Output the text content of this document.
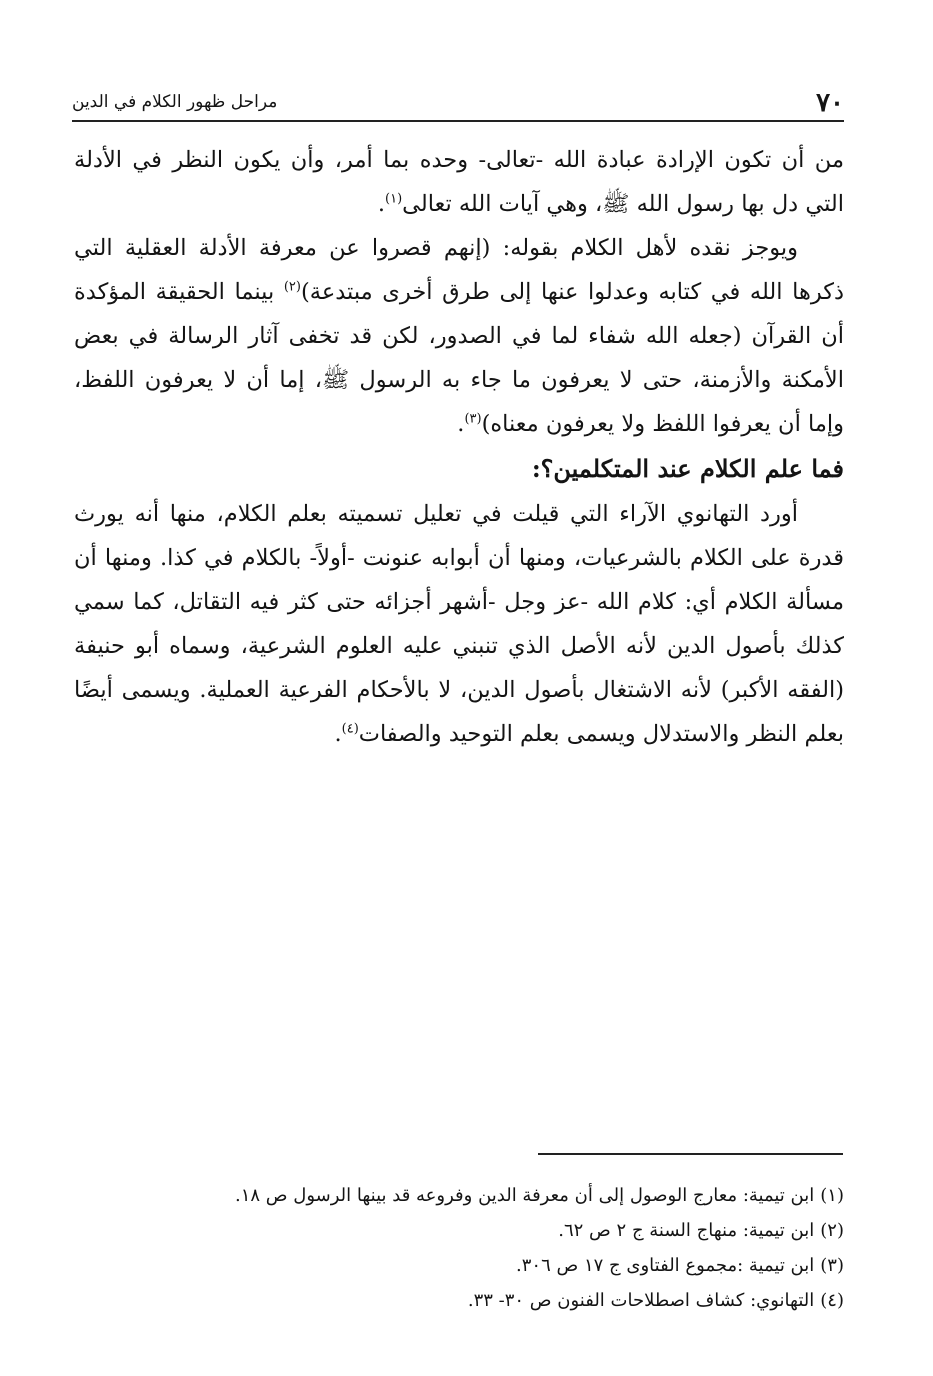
٧٠
مراحل ظهور الكلام في الدين

من أن تكون الإرادة عبادة الله -تعالى- وحده بما أمر، وأن يكون النظر في الأدلة التي دل بها رسول الله ﷺ، وهي آيات الله تعالى$^{(١)}$.

ويوجز نقده لأهل الكلام بقوله: (إنهم قصروا عن معرفة الأدلة العقلية التي ذكرها الله في كتابه وعدلوا عنها إلى طرق أخرى مبتدعة)$^{(٢)}$ بينما الحقيقة المؤكدة أن القرآن (جعله الله شفاء لما في الصدور، لكن قد تخفى آثار الرسالة في بعض الأمكنة والأزمنة، حتى لا يعرفون ما جاء به الرسول ﷺ، إما أن لا يعرفون اللفظ، وإما أن يعرفوا اللفظ ولا يعرفون معناه)$^{(٣)}$.

فما علم الكلام عند المتكلمين؟:

أورد التهانوي الآراء التي قيلت في تعليل تسميته بعلم الكلام، منها أنه يورث قدرة على الكلام بالشرعيات، ومنها أن أبوابه عنونت -أولاً- بالكلام في كذا. ومنها أن مسألة الكلام أي: كلام الله -عز وجل -أشهر أجزائه حتى كثر فيه التقاتل، كما سمي كذلك بأصول الدين لأنه الأصل الذي تنبني عليه العلوم الشرعية، وسماه أبو حنيفة (الفقه الأكبر) لأنه الاشتغال بأصول الدين، لا بالأحكام الفرعية العملية. ويسمى أيضًا بعلم النظر والاستدلال ويسمى بعلم التوحيد والصفات$^{(٤)}$.

(١)ابن تيمية: معارج الوصول إلى أن معرفة الدين وفروعه قد بينها الرسول ص ١٨.
(٢)ابن تيمية: منهاج السنة ج ٢ ص ٦٢.
(٣)ابن تيمية :مجموع الفتاوى ج ١٧ ص ٣٠٦.
(٤)التهانوي: كشاف اصطلاحات الفنون ص ٣٠- ٣٣.
